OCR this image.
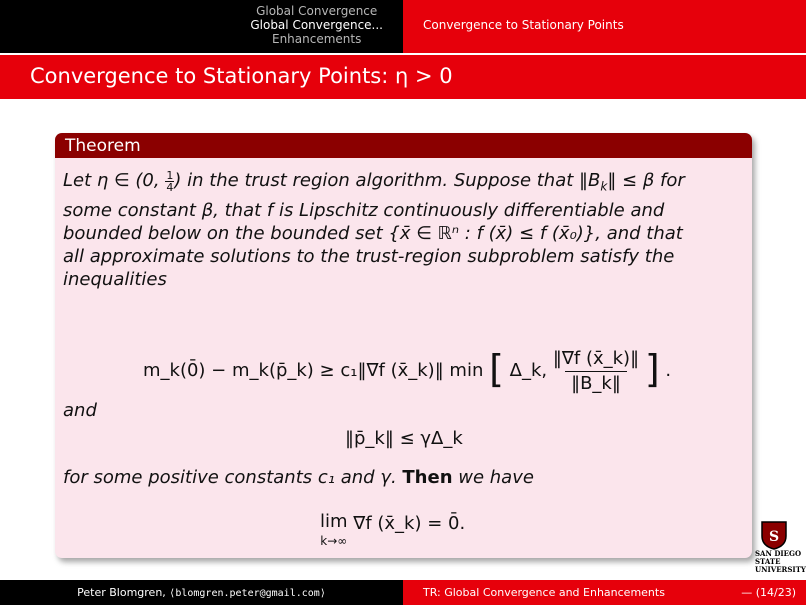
Global Convergence
Global Convergence...
Enhancements
Convergence to Stationary Points
Convergence to Stationary Points: η > 0
Theorem
Let η ∈ (0, $\frac{1}{4}$) in the trust region algorithm. Suppose that $‖B_k‖ \le \beta$ for
some constant β, that f is Lipschitz continuously differentiable and
bounded below on the bounded set {x̄ ∈ ℝⁿ : f (x̄) ≤ f (x̄₀)}, and that
all approximate solutions to the trust-region subproblem satisfy the
inequalities
m_k(0̄) − m_k(p̄_k) ≥ c₁‖∇f (x̄_k)‖ min [ Δ_k, $\frac{‖\nabla f (x̄\_k)‖}{‖B\_k‖}$ ] .
and
‖p̄_k‖ ≤ γΔ_k
for some positive constants c₁ and γ. Then we have
lim
k→∞ ∇f (x̄_k) = 0̄.
S
SAN DIEGO STATE
UNIVERSITY
Peter Blomgren, ⟨blomgren.peter@gmail.com⟩	TR: Global Convergence and Enhancements	— (14/23)
